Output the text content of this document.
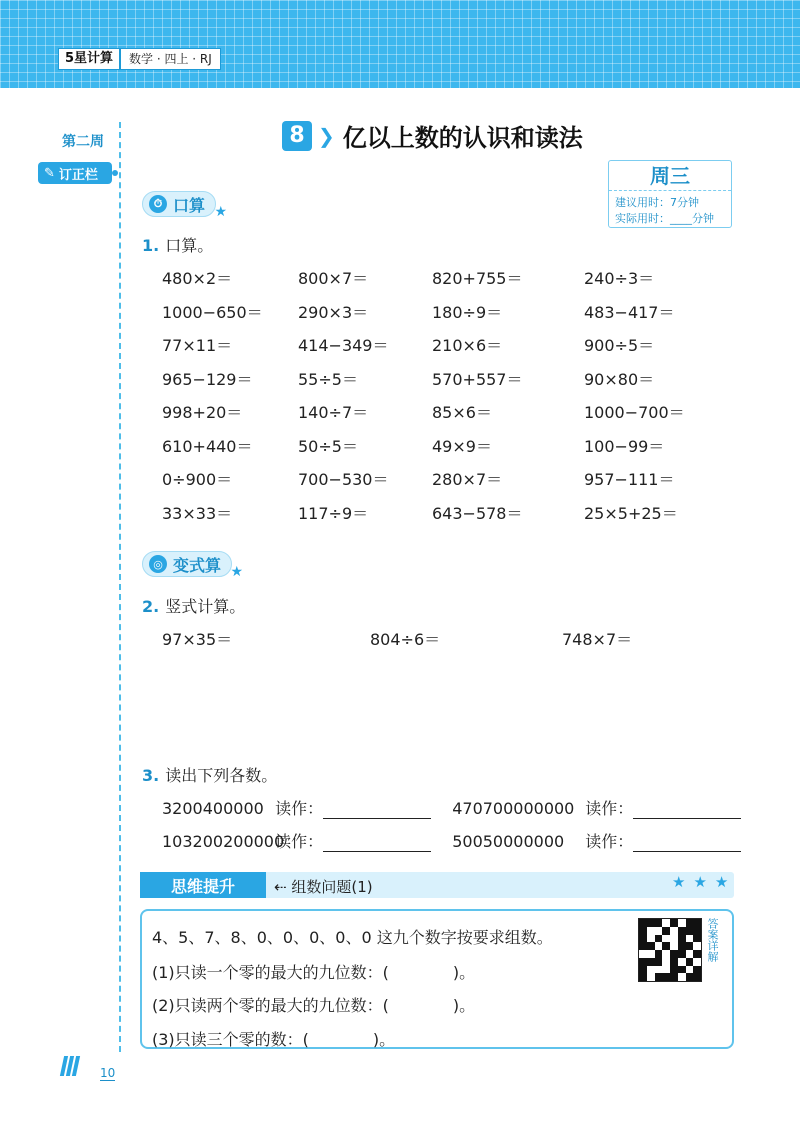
5星计算	数学 · 四上 · RJ
第二周
✎ 订正栏
8 ❯ 亿以上数的认识和读法
周三
建议用时：7分钟
实际用时：____分钟
⏱ 口算 ★
1. 口算。
480×2＝	800×7＝	820+755＝	240÷3＝
1000−650＝ 290×3＝	180÷9＝	483−417＝
77×11＝	414−349＝	210×6＝	900÷5＝
965−129＝	55÷5＝	570+557＝	90×80＝
998+20＝	140÷7＝	85×6＝	1000−700＝
610+440＝	50÷5＝	49×9＝	100−99＝
0÷900＝	700−530＝	280×7＝	957−111＝
33×33＝	117÷9＝	643−578＝	25×5+25＝
◎ 变式算 ★
2. 竖式计算。
97×35＝	804÷6＝	748×7＝
3. 读出下列各数。
3200400000 读作：	470700000000 读作：
103200200000 读作：	50050000000 读作：
思维提升	⇠ 组数问题(1)	★★★
4、5、7、8、0、0、0、0、0 这九个数字按要求组数。
(1)只读一个零的最大的九位数：(　　　　)。
(2)只读两个零的最大的九位数：(　　　　)。
(3)只读三个零的数：(　　　　)。
答案详解
10
